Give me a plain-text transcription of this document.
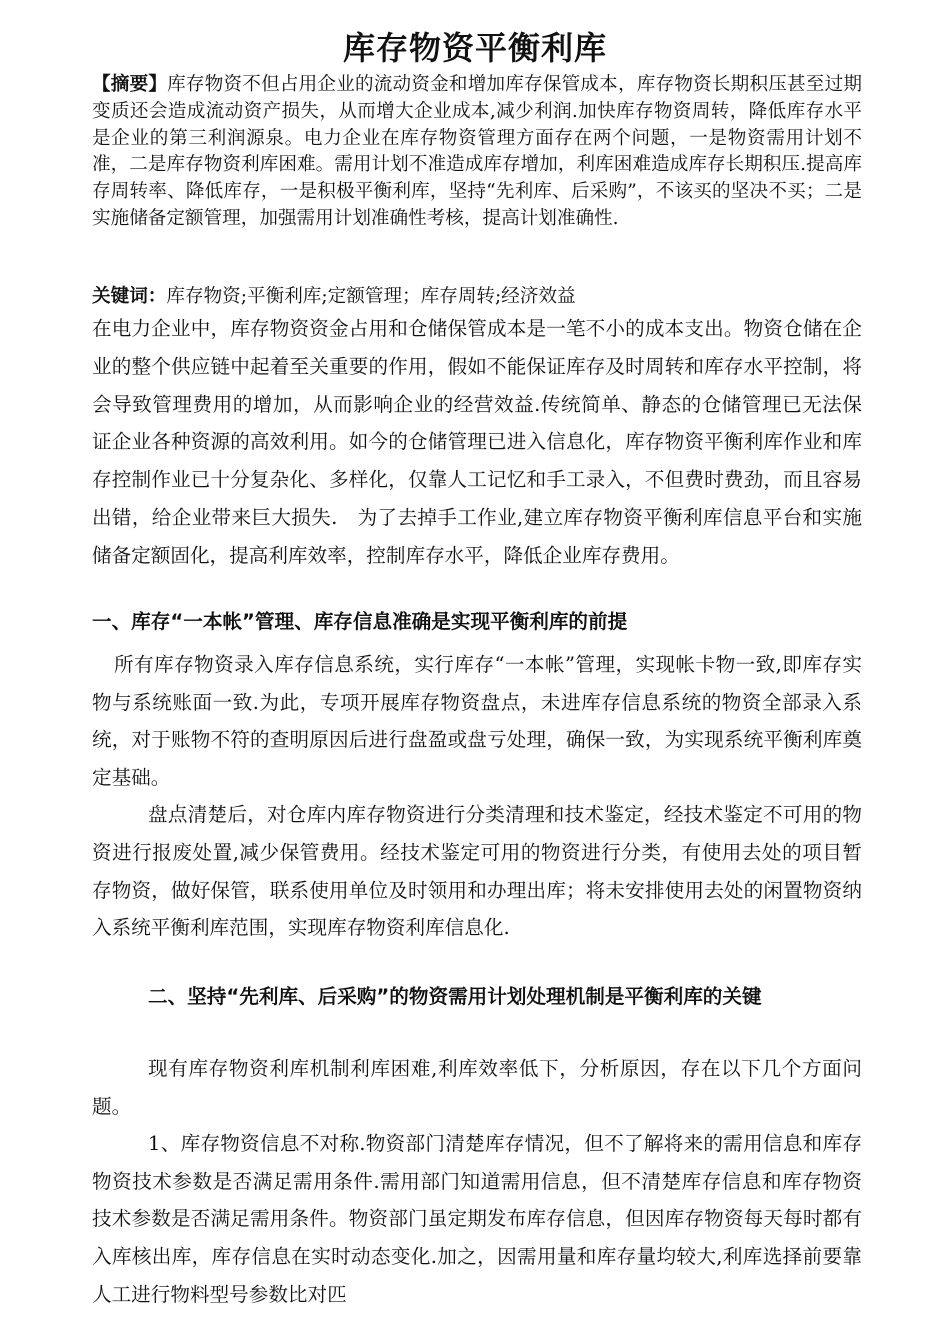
库存物资平衡利库
【摘要】库存物资不但占用企业的流动资金和增加库存保管成本，库存物资长期积压甚至过期变质还会造成流动资产损失，从而增大企业成本,减少利润.加快库存物资周转，降低库存水平是企业的第三利润源泉。电力企业在库存物资管理方面存在两个问题，一是物资需用计划不准，二是库存物资利库困难。需用计划不准造成库存增加，利库困难造成库存长期积压.提高库存周转率、降低库存，一是积极平衡利库，坚持“先利库、后采购”，不该买的坚决不买；二是实施储备定额管理，加强需用计划准确性考核，提高计划准确性.
关键词：库存物资;平衡利库;定额管理；库存周转;经济效益

在电力企业中，库存物资资金占用和仓储保管成本是一笔不小的成本支出。物资仓储在企业的整个供应链中起着至关重要的作用，假如不能保证库存及时周转和库存水平控制，将会导致管理费用的增加，从而影响企业的经营效益.传统简单、静态的仓储管理已无法保证企业各种资源的高效利用。如今的仓储管理已进入信息化，库存物资平衡利库作业和库存控制作业已十分复杂化、多样化，仅靠人工记忆和手工录入，不但费时费劲，而且容易出错，给企业带来巨大损失.　为了去掉手工作业,建立库存物资平衡利库信息平台和实施储备定额固化，提高利库效率，控制库存水平，降低企业库存费用。

一、库存“一本帐”管理、库存信息准确是实现平衡利库的前提

所有库存物资录入库存信息系统，实行库存“一本帐”管理，实现帐卡物一致,即库存实物与系统账面一致.为此，专项开展库存物资盘点，未进库存信息系统的物资全部录入系统，对于账物不符的查明原因后进行盘盈或盘亏处理，确保一致，为实现系统平衡利库奠定基础。

盘点清楚后，对仓库内库存物资进行分类清理和技术鉴定，经技术鉴定不可用的物资进行报废处置,减少保管费用。经技术鉴定可用的物资进行分类，有使用去处的项目暂存物资，做好保管，联系使用单位及时领用和办理出库；将未安排使用去处的闲置物资纳入系统平衡利库范围，实现库存物资利库信息化.

二、坚持“先利库、后采购”的物资需用计划处理机制是平衡利库的关键

现有库存物资利库机制利库困难,利库效率低下，分析原因，存在以下几个方面问题。

1、库存物资信息不对称.物资部门清楚库存情况，但不了解将来的需用信息和库存物资技术参数是否满足需用条件.需用部门知道需用信息，但不清楚库存信息和库存物资技术参数是否满足需用条件。物资部门虽定期发布库存信息，但因库存物资每天每时都有入库核出库，库存信息在实时动态变化.加之，因需用量和库存量均较大,利库选择前要靠人工进行物料型号参数比对匹
